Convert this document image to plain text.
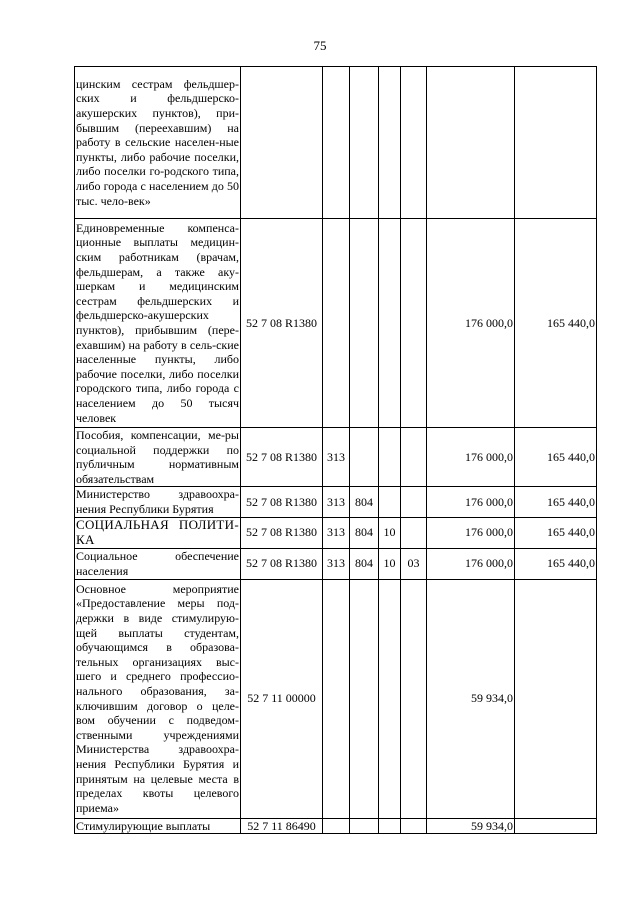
75
цинским сестрам фельдшер-ских и фельдшерско-акушерских пунктов), при-бывшим (переехавшим) на работу в сельские населен-ные пункты, либо рабочие поселки, либо поселки го-родского типа, либо города с населением до 50 тыс. чело-век»							
Единовременные компенса-ционные выплаты медицин-ским работникам (врачам, фельдшерам, а также аку-шеркам и медицинским сестрам фельдшерских и фельдшерско-акушерских пунктов), прибывшим (пере-ехавшим) на работу в сель-ские населенные пункты, либо рабочие поселки, либо поселки городского типа, либо города с населением до 50 тысяч человек	52 7 08 R1380					176 000,0	165 440,0
Пособия, компенсации, ме-ры социальной поддержки по публичным нормативным обязательствам	52 7 08 R1380	313				176 000,0	165 440,0
Министерство здравоохра-нения Республики Бурятия	52 7 08 R1380	313	804			176 000,0	165 440,0
СОЦИАЛЬНАЯ ПОЛИТИ-КА	52 7 08 R1380	313	804	10		176 000,0	165 440,0
Социальное обеспечение населения	52 7 08 R1380	313	804	10	03	176 000,0	165 440,0
Основное мероприятие «Предоставление меры под-держки в виде стимулирую-щей выплаты студентам, обучающимся в образова-тельных организациях выс-шего и среднего профессио-нального образования, за-ключившим договор о целе-вом обучении с подведом-ственными учреждениями Министерства здравоохра-нения Республики Бурятия и принятым на целевые места в пределах квоты целевого приема»	52 7 11 00000					59 934,0	
Стимулирующие выплаты	52 7 11 86490					59 934,0	
